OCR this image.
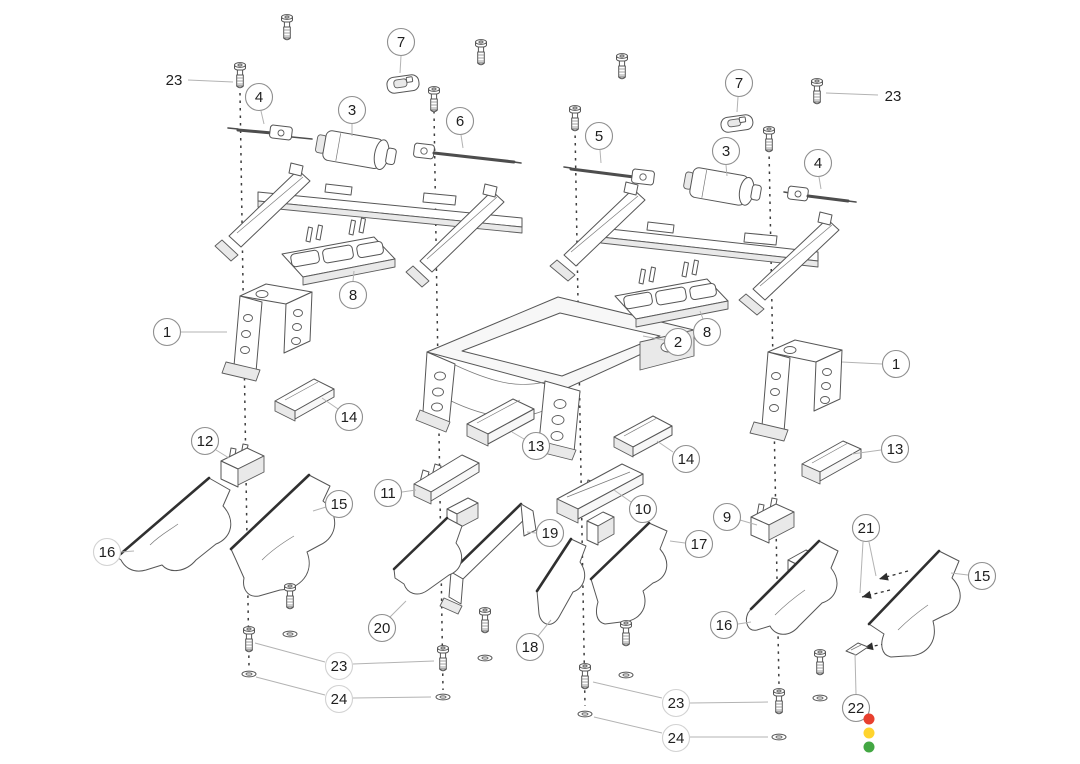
23
7
4
3
6
5
7
23
3
4
8
1
2
8
1
14
12	13	13
14
11
15	10	9
21
19
17
16
15
20	16
18
22
23
24	23
24
